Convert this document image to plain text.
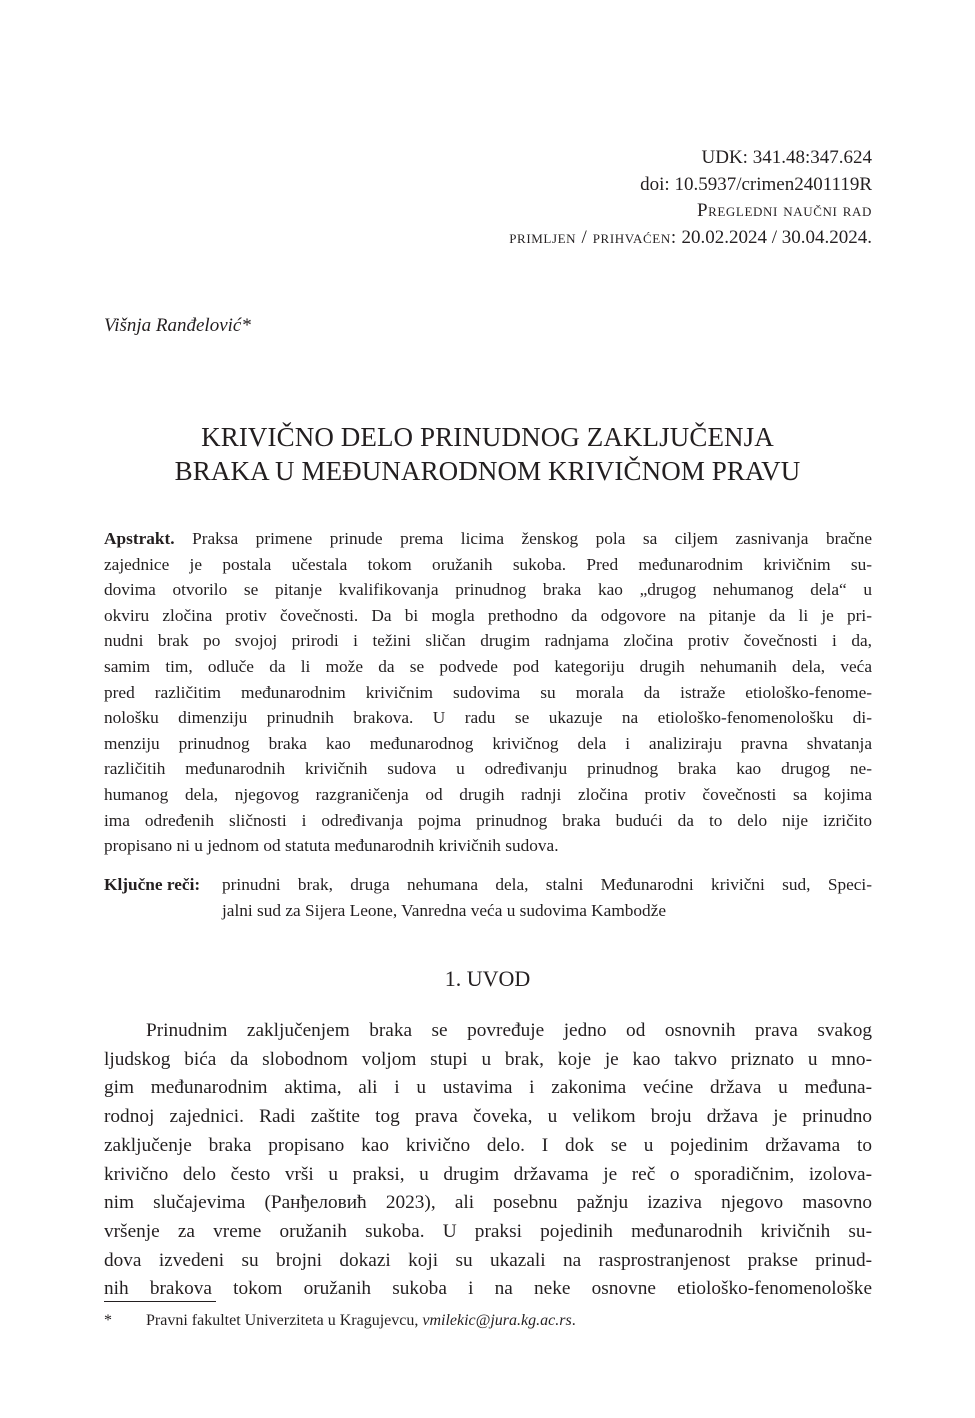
UDK: 341.48:347.624
doi: 10.5937/crimen2401119R
Pregledni naučni rad
primljen / prihvaćen: 20.02.2024 / 30.04.2024.
Višnja Ranđelović*
KRIVIČNO DELO PRINUDNOG ZAKLJUČENJA
BRAKA U MEĐUNARODNOM KRIVIČNOM PRAVU
Apstrakt. Praksa primene prinude prema licima ženskog pola sa ciljem zasnivanja bračne
zajednice je postala učestala tokom oružanih sukoba. Pred međunarodnim krivičnim su-
dovima otvorilo se pitanje kvalifikovanja prinudnog braka kao „drugog nehumanog dela“ u
okviru zločina protiv čovečnosti. Da bi mogla prethodno da odgovore na pitanje da li je pri-
nudni brak po svojoj prirodi i težini sličan drugim radnjama zločina protiv čovečnosti i da,
samim tim, odluče da li može da se podvede pod kategoriju drugih nehumanih dela, veća
pred različitim međunarodnim krivičnim sudovima su morala da istraže etiološko-fenome-
nološku dimenziju prinudnih brakova. U radu se ukazuje na etiološko-fenomenološku di-
menziju prinudnog braka kao međunarodnog krivičnog dela i analiziraju pravna shvatanja
različitih međunarodnih krivičnih sudova u određivanju prinudnog braka kao drugog ne-
humanog dela, njegovog razgraničenja od drugih radnji zločina protiv čovečnosti sa kojima
ima određenih sličnosti i određivanja pojma prinudnog braka budući da to delo nije izričito
propisano ni u jednom od statuta međunarodnih krivičnih sudova.
Ključne reči: prinudni brak, druga nehumana dela, stalni Međunarodni krivični sud, Speci-
jalni sud za Sijera Leone, Vanredna veća u sudovima Kambodže
1. UVOD
Prinudnim zaključenjem braka se povređuje jedno od osnovnih prava svakog
ljudskog bića da slobodnom voljom stupi u brak, koje je kao takvo priznato u mno-
gim međunarodnim aktima, ali i u ustavima i zakonima većine država u međuna-
rodnoj zajednici. Radi zaštite tog prava čoveka, u velikom broju država je prinudno
zaključenje braka propisano kao krivično delo. I dok se u pojedinim državama to
krivično delo često vrši u praksi, u drugim državama je reč o sporadičnim, izolova-
nim slučajevima (Ранђеловић 2023), ali posebnu pažnju izaziva njegovo masovno
vršenje za vreme oružanih sukoba. U praksi pojedinih međunarodnih krivičnih su-
dova izvedeni su brojni dokazi koji su ukazali na rasprostranjenost prakse prinud-
nih brakova tokom oružanih sukoba i na neke osnovne etiološko-fenomenološke
* Pravni fakultet Univerziteta u Kragujevcu, vmilekic@jura.kg.ac.rs.
